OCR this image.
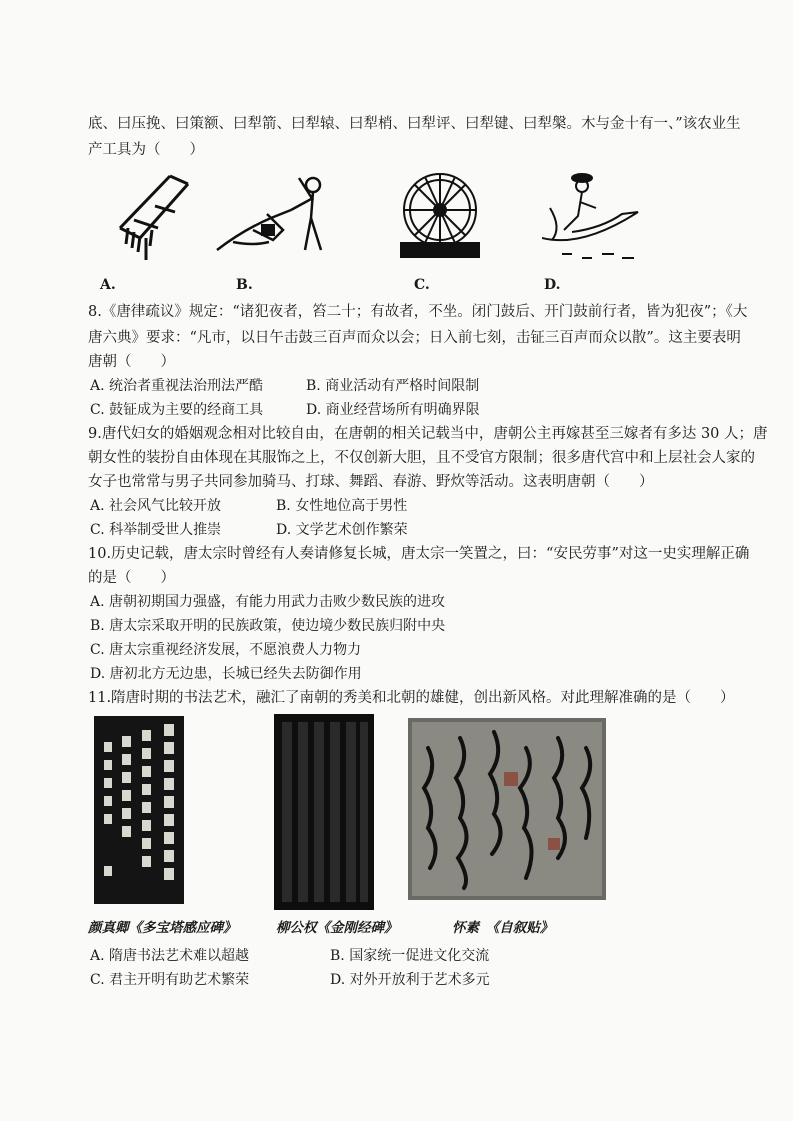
底、曰压挽、曰策额、曰犁箭、曰犁辕、曰犁梢、曰犁评、曰犁键、曰犁槃。木与金十有一、”该农业生
产工具为（　　）
A.	B.	C.	D.
8.《唐律疏议》规定：“诸犯夜者，笞二十；有故者，不坐。闭门鼓后、开门鼓前行者，皆为犯夜”；《大
唐六典》要求：“凡市，以日午击鼓三百声而众以会；日入前七刻，击钲三百声而众以散”。这主要表明
唐朝（　　）
A. 统治者重视法治刑法严酷	B. 商业活动有严格时间限制
C. 鼓钲成为主要的经商工具	D. 商业经营场所有明确界限
9.唐代妇女的婚姻观念相对比较自由，在唐朝的相关记载当中，唐朝公主再嫁甚至三嫁者有多达 30 人；唐
朝女性的装扮自由体现在其服饰之上，不仅创新大胆，且不受官方限制；很多唐代宫中和上层社会人家的
女子也常常与男子共同参加骑马、打球、舞蹈、春游、野炊等活动。这表明唐朝（　　）
A. 社会风气比较开放	B. 女性地位高于男性
C. 科举制受世人推崇	D. 文学艺术创作繁荣
10.历史记载，唐太宗时曾经有人奏请修复长城，唐太宗一笑置之，曰：“安民劳事”对这一史实理解正确
的是（　　）
A. 唐朝初期国力强盛，有能力用武力击败少数民族的进攻
B. 唐太宗采取开明的民族政策，使边境少数民族归附中央
C. 唐太宗重视经济发展，不愿浪费人力物力
D. 唐初北方无边患，长城已经失去防御作用
11.隋唐时期的书法艺术，融汇了南朝的秀美和北朝的雄健，创出新风格。对此理解准确的是（　　）
颜真卿《多宝塔感应碑》	柳公权《金刚经碑》	怀素　《自叙贴》
A. 隋唐书法艺术难以超越	B. 国家统一促进文化交流
C. 君主开明有助艺术繁荣	D. 对外开放利于艺术多元
